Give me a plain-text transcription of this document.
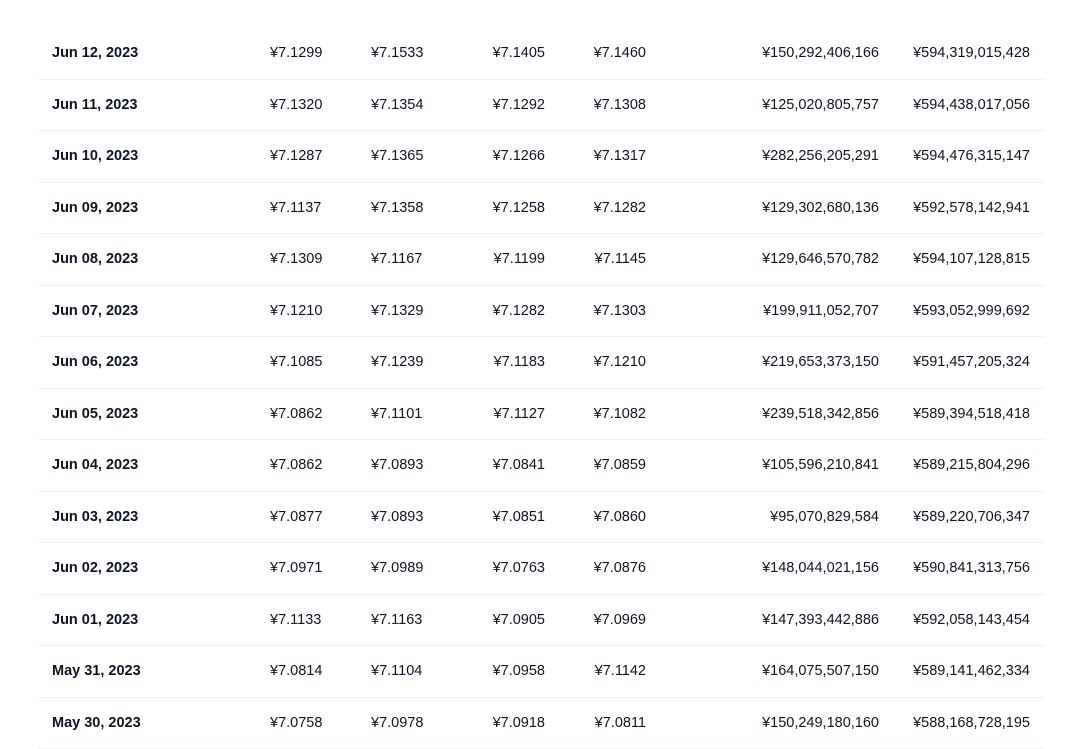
Jun 12, 2023	¥7.1299	¥7.1533	¥7.1405	¥7.1460	¥150,292,406,166 ¥594,319,015,428
Jun 11, 2023	¥7.1320	¥7.1354	¥7.1292	¥7.1308	¥125,020,805,757 ¥594,438,017,056
Jun 10, 2023	¥7.1287	¥7.1365	¥7.1266	¥7.1317	¥282,256,205,291 ¥594,476,315,147
Jun 09, 2023	¥7.1137	¥7.1358	¥7.1258	¥7.1282	¥129,302,680,136 ¥592,578,142,941
Jun 08, 2023	¥7.1309	¥7.1167	¥7.1199	¥7.1145	¥129,646,570,782 ¥594,107,128,815
Jun 07, 2023	¥7.1210	¥7.1329	¥7.1282	¥7.1303	¥199,911,052,707 ¥593,052,999,692
Jun 06, 2023	¥7.1085	¥7.1239	¥7.1183	¥7.1210	¥219,653,373,150 ¥591,457,205,324
Jun 05, 2023	¥7.0862	¥7.1101	¥7.1127	¥7.1082	¥239,518,342,856 ¥589,394,518,418
Jun 04, 2023	¥7.0862	¥7.0893	¥7.0841	¥7.0859	¥105,596,210,841 ¥589,215,804,296
Jun 03, 2023	¥7.0877	¥7.0893	¥7.0851	¥7.0860	¥95,070,829,584 ¥589,220,706,347
Jun 02, 2023	¥7.0971	¥7.0989	¥7.0763	¥7.0876	¥148,044,021,156 ¥590,841,313,756
Jun 01, 2023	¥7.1133	¥7.1163	¥7.0905	¥7.0969	¥147,393,442,886 ¥592,058,143,454
May 31, 2023	¥7.0814	¥7.1104	¥7.0958	¥7.1142	¥164,075,507,150 ¥589,141,462,334
May 30, 2023	¥7.0758	¥7.0978	¥7.0918	¥7.0811	¥150,249,180,160 ¥588,168,728,195
